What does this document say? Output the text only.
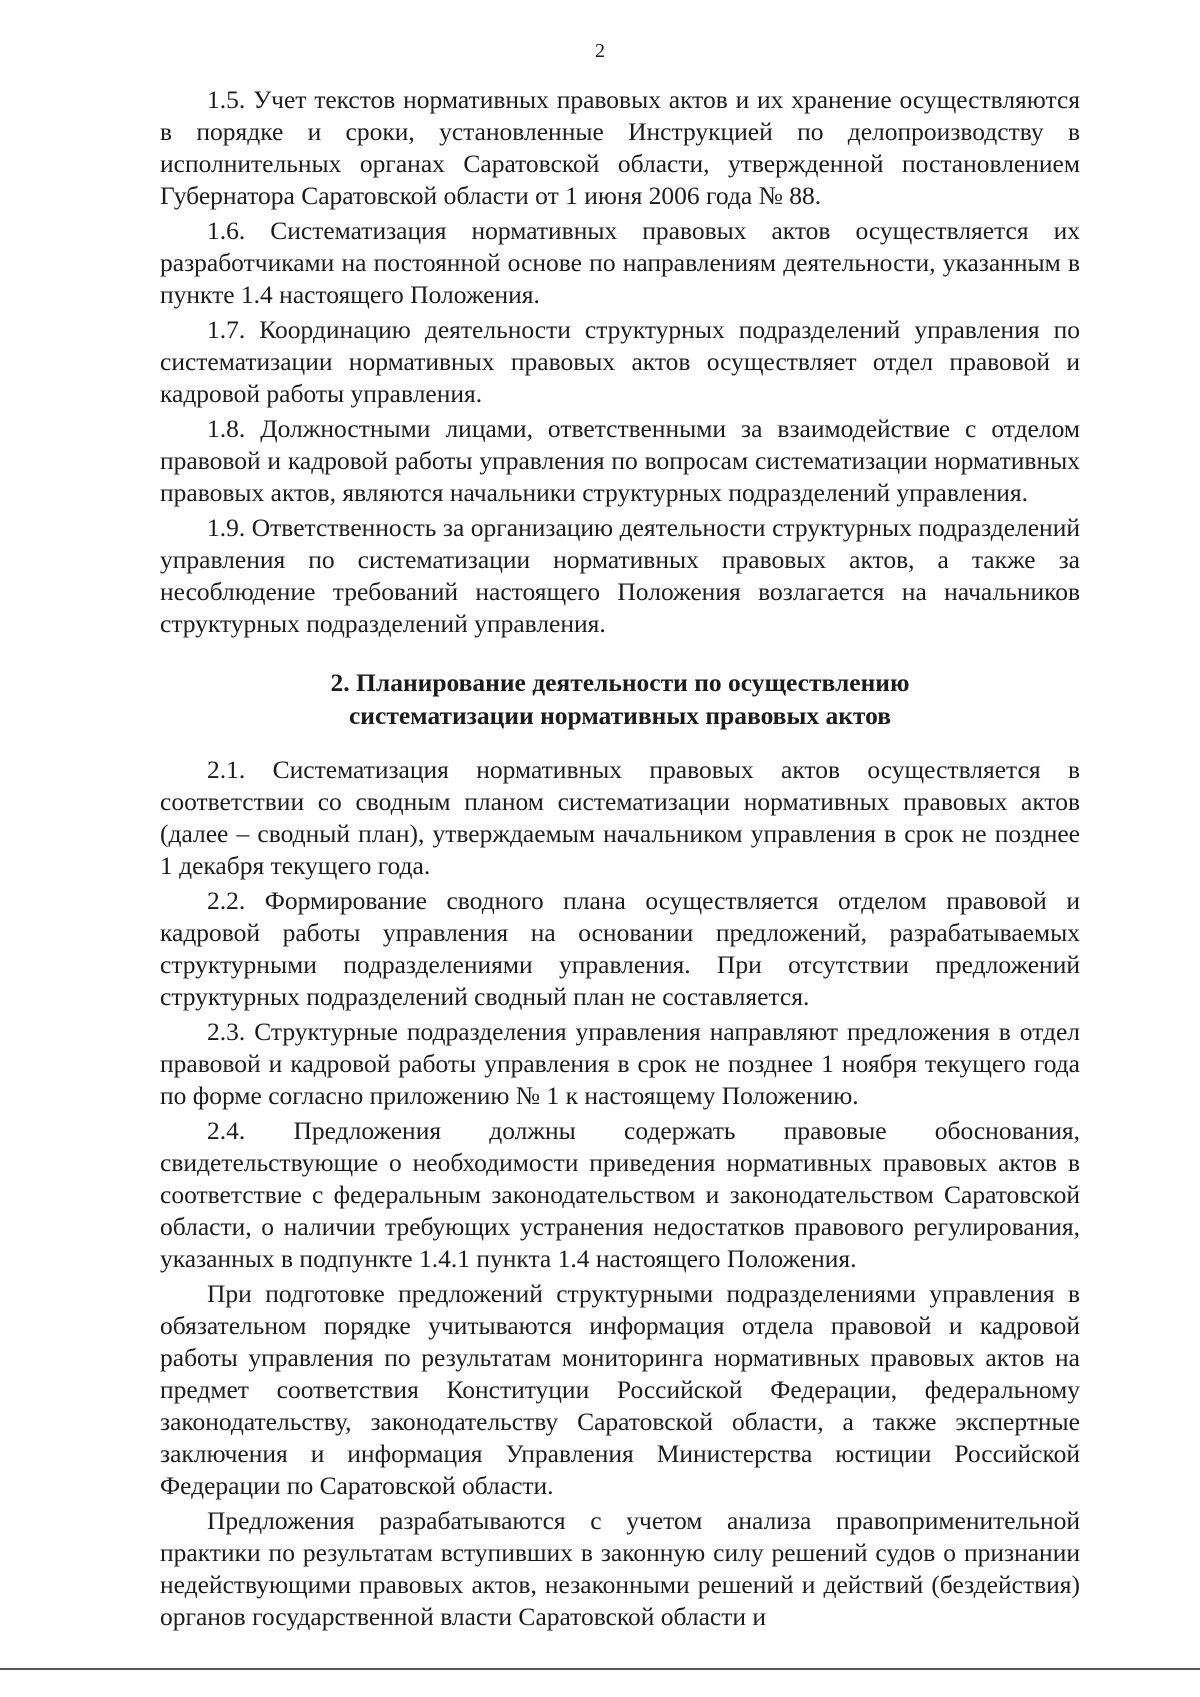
2

1.5. Учет текстов нормативных правовых актов и их хранение осуществляются в порядке и сроки, установленные Инструкцией по делопроизводству в исполнительных органах Саратовской области, утвержденной постановлением Губернатора Саратовской области от 1 июня 2006 года № 88.

1.6. Систематизация нормативных правовых актов осуществляется их разработчиками на постоянной основе по направлениям деятельности, указанным в пункте 1.4 настоящего Положения.

1.7. Координацию деятельности структурных подразделений управления по систематизации нормативных правовых актов осуществляет отдел правовой и кадровой работы управления.

1.8. Должностными лицами, ответственными за взаимодействие с отделом правовой и кадровой работы управления по вопросам систематизации нормативных правовых актов, являются начальники структурных подразделений управления.

1.9. Ответственность за организацию деятельности структурных подразделений управления по систематизации нормативных правовых актов, а также за несоблюдение требований настоящего Положения возлагается на начальников структурных подразделений управления.

2. Планирование деятельности по осуществлению
систематизации нормативных правовых актов

2.1. Систематизация нормативных правовых актов осуществляется в соответствии со сводным планом систематизации нормативных правовых актов (далее – сводный план), утверждаемым начальником управления в срок не позднее 1 декабря текущего года.

2.2. Формирование сводного плана осуществляется отделом правовой и кадровой работы управления на основании предложений, разрабатываемых структурными подразделениями управления. При отсутствии предложений структурных подразделений сводный план не составляется.

2.3. Структурные подразделения управления направляют предложения в отдел правовой и кадровой работы управления в срок не позднее 1 ноября текущего года по форме согласно приложению № 1 к настоящему Положению.

2.4. Предложения должны содержать правовые обоснования, свидетельствующие о необходимости приведения нормативных правовых актов в соответствие с федеральным законодательством и законодательством Саратовской области, о наличии требующих устранения недостатков правового регулирования, указанных в подпункте 1.4.1 пункта 1.4 настоящего Положения.

При подготовке предложений структурными подразделениями управления в обязательном порядке учитываются информация отдела правовой и кадровой работы управления по результатам мониторинга нормативных правовых актов на предмет соответствия Конституции Российской Федерации, федеральному законодательству, законодательству Саратовской области, а также экспертные заключения и информация Управления Министерства юстиции Российской Федерации по Саратовской области.

Предложения разрабатываются с учетом анализа правоприменительной практики по результатам вступивших в законную силу решений судов о признании недействующими правовых актов, незаконными решений и действий (бездействия) органов государственной власти Саратовской области и
